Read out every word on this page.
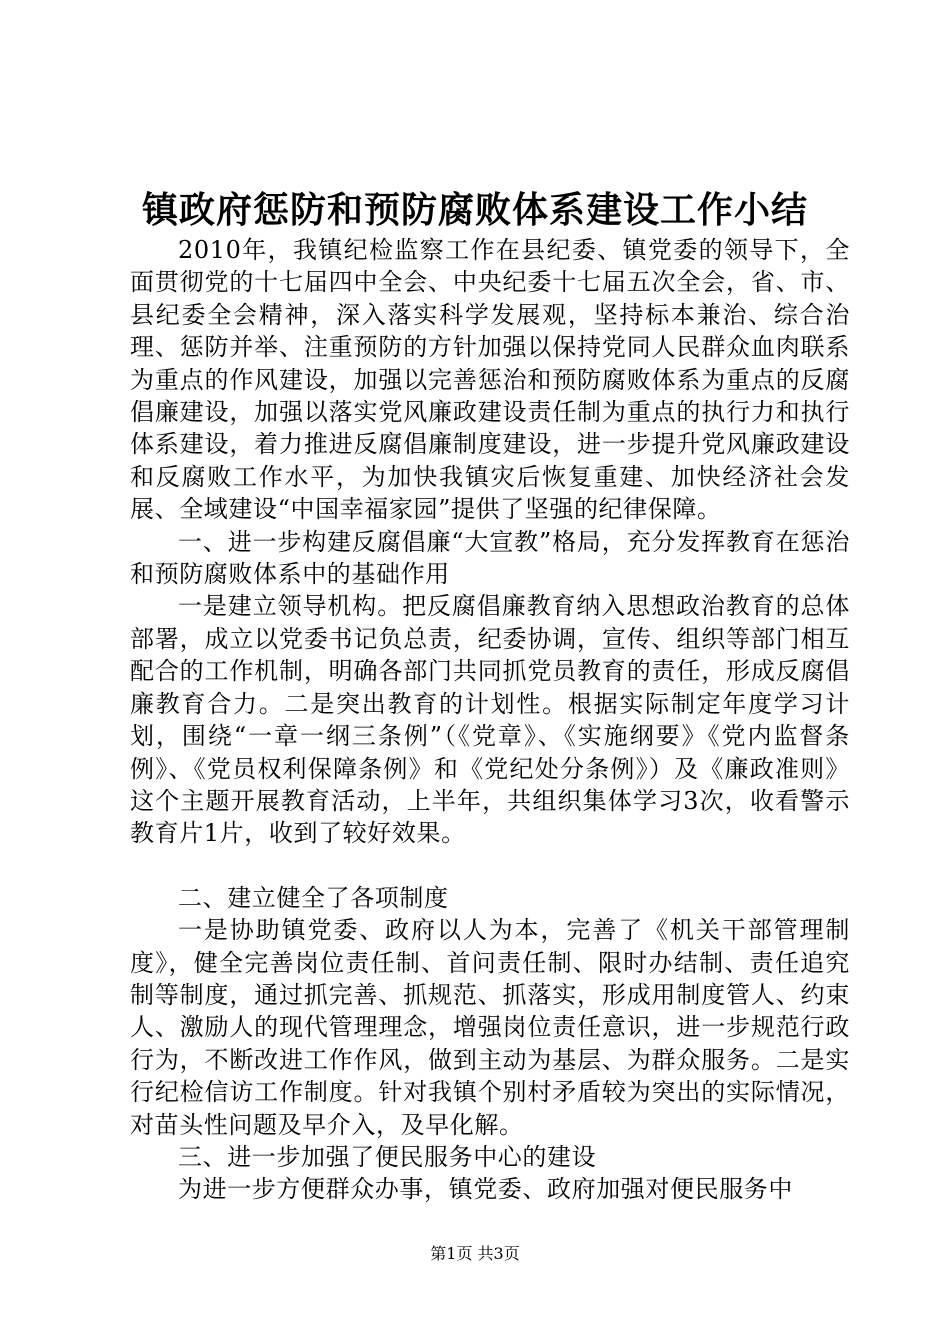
镇政府惩防和预防腐败体系建设工作小结

2010年，我镇纪检监察工作在县纪委、镇党委的领导下，全面贯彻党的十七届四中全会、中央纪委十七届五次全会，省、市、县纪委全会精神，深入落实科学发展观，坚持标本兼治、综合治理、惩防并举、注重预防的方针加强以保持党同人民群众血肉联系为重点的作风建设，加强以完善惩治和预防腐败体系为重点的反腐倡廉建设，加强以落实党风廉政建设责任制为重点的执行力和执行体系建设，着力推进反腐倡廉制度建设，进一步提升党风廉政建设和反腐败工作水平，为加快我镇灾后恢复重建、加快经济社会发展、全域建设“中国幸福家园”提供了坚强的纪律保障。

一、进一步构建反腐倡廉“大宣教”格局，充分发挥教育在惩治和预防腐败体系中的基础作用

一是建立领导机构。把反腐倡廉教育纳入思想政治教育的总体部署，成立以党委书记负总责，纪委协调，宣传、组织等部门相互配合的工作机制，明确各部门共同抓党员教育的责任，形成反腐倡廉教育合力。二是突出教育的计划性。根据实际制定年度学习计划，围绕“一章一纲三条例”（《党章》、《实施纲要》《党内监督条例》、《党员权利保障条例》和《党纪处分条例》）及《廉政准则》这个主题开展教育活动，上半年，共组织集体学习3次，收看警示教育片1片，收到了较好效果。

二、建立健全了各项制度

一是协助镇党委、政府以人为本，完善了《机关干部管理制度》，健全完善岗位责任制、首问责任制、限时办结制、责任追究制等制度，通过抓完善、抓规范、抓落实，形成用制度管人、约束人、激励人的现代管理理念，增强岗位责任意识，进一步规范行政行为，不断改进工作作风，做到主动为基层、为群众服务。二是实行纪检信访工作制度。针对我镇个别村矛盾较为突出的实际情况，对苗头性问题及早介入，及早化解。

三、进一步加强了便民服务中心的建设

为进一步方便群众办事，镇党委、政府加强对便民服务中

第1页 共3页
